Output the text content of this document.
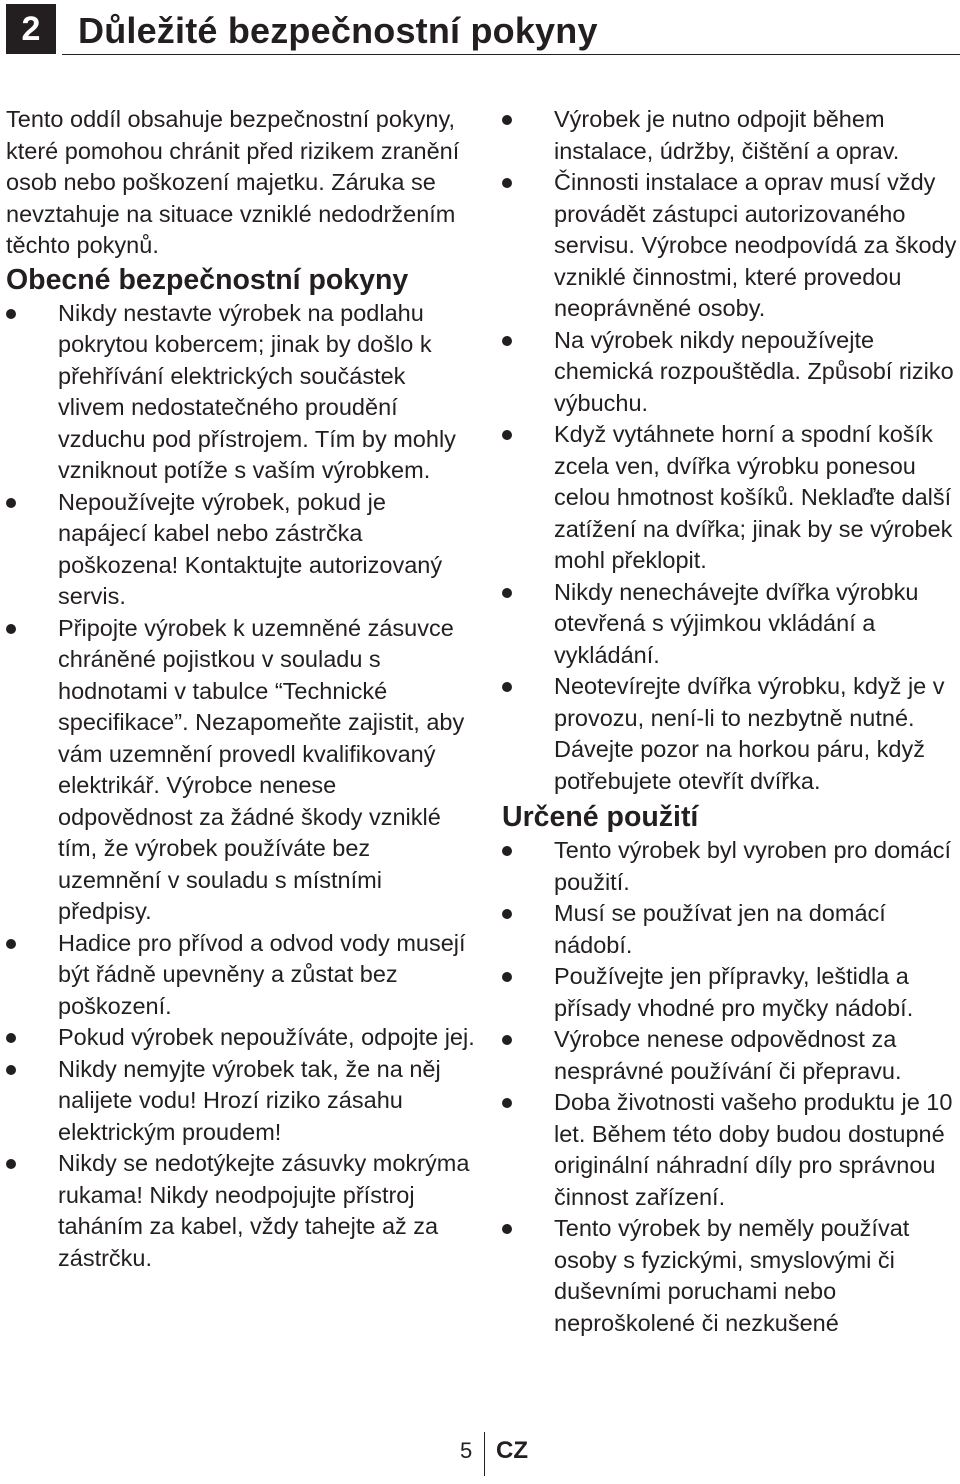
2 Důležité bezpečnostní pokyny

Tento oddíl obsahuje bezpečnostní pokyny, které pomohou chránit před rizikem zranění osob nebo poškození majetku. Záruka se nevztahuje na situace vzniklé nedodržením těchto pokynů.

Obecné bezpečnostní pokyny
Nikdy nestavte výrobek na podlahu pokrytou kobercem; jinak by došlo k přehřívání elektrických součástek vlivem nedostatečného proudění vzduchu pod přístrojem. Tím by mohly vzniknout potíže s vaším výrobkem.
Nepoužívejte výrobek, pokud je napájecí kabel nebo zástrčka poškozena! Kontaktujte autorizovaný servis.
Připojte výrobek k uzemněné zásuvce chráněné pojistkou v souladu s hodnotami v tabulce “Technické specifikace”. Nezapomeňte zajistit, aby vám uzemnění provedl kvalifikovaný elektrikář. Výrobce nenese odpovědnost za žádné škody vzniklé tím, že výrobek používáte bez uzemnění v souladu s místními předpisy.
Hadice pro přívod a odvod vody musejí být řádně upevněny a zůstat bez poškození.
Pokud výrobek nepoužíváte, odpojte jej.
Nikdy nemyjte výrobek tak, že na něj nalijete vodu! Hrozí riziko zásahu elektrickým proudem!
Nikdy se nedotýkejte zásuvky mokrýma rukama! Nikdy neodpojujte přístroj taháním za kabel, vždy tahejte až za zástrčku.
Výrobek je nutno odpojit během instalace, údržby, čištění a oprav.
Činnosti instalace a oprav musí vždy provádět zástupci autorizovaného servisu. Výrobce neodpovídá za škody vzniklé činnostmi, které provedou neoprávněné osoby.
Na výrobek nikdy nepoužívejte chemická rozpouštědla. Způsobí riziko výbuchu.
Když vytáhnete horní a spodní košík zcela ven, dvířka výrobku ponesou celou hmotnost košíků. Neklaďte další zatížení na dvířka; jinak by se výrobek mohl překlopit.
Nikdy nenechávejte dvířka výrobku otevřená s výjimkou vkládání a vykládání.
Neotevírejte dvířka výrobku, když je v provozu, není-li to nezbytně nutné. Dávejte pozor na horkou páru, když potřebujete otevřít dvířka.
Určené použití
Tento výrobek byl vyroben pro domácí použití.
Musí se používat jen na domácí nádobí.
Používejte jen přípravky, leštidla a přísady vhodné pro myčky nádobí.
Výrobce nenese odpovědnost za nesprávné používání či přepravu.
Doba životnosti vašeho produktu je 10 let. Během této doby budou dostupné originální náhradní díly pro správnou činnost zařízení.
Tento výrobek by neměly používat osoby s fyzickými, smyslovými či duševními poruchami nebo neproškolené či nezkušené
5 CZ
